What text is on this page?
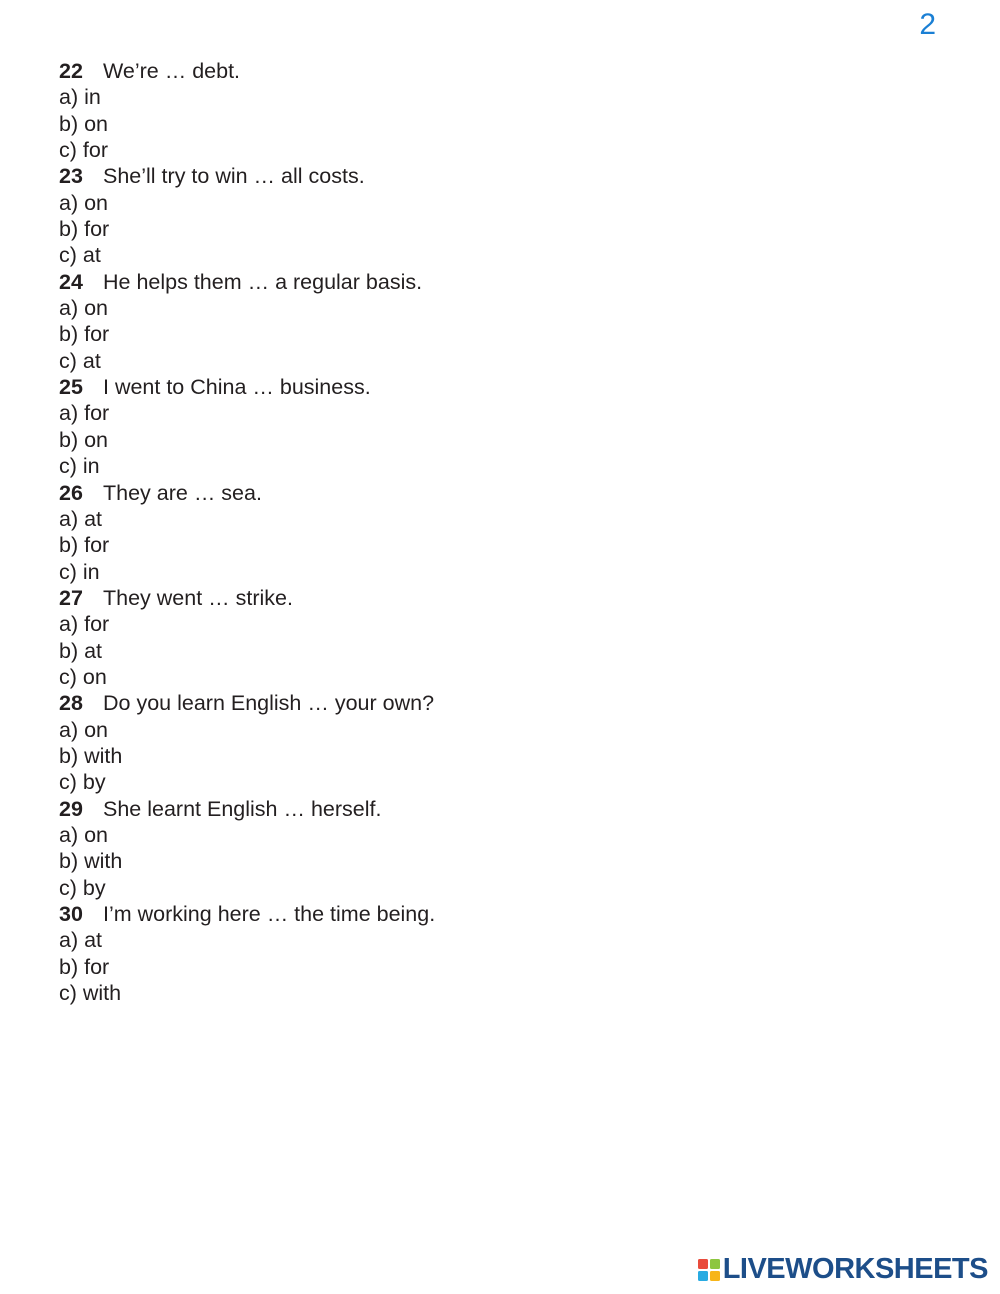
2
22 We’re … debt.
a) in
b) on
c) for
23 She’ll try to win … all costs.
a) on
b) for
c) at
24 He helps them … a regular basis.
a) on
b) for
c) at
25 I went to China … business.
a) for
b) on
c) in
26 They are … sea.
a) at
b) for
c) in
27 They went … strike.
a) for
b) at
c) on
28 Do you learn English … your own?
a) on
b) with
c) by
29 She learnt English … herself.
a) on
b) with
c) by
30 I’m working here … the time being.
a) at
b) for
c) with
LIVEWORKSHEETS
